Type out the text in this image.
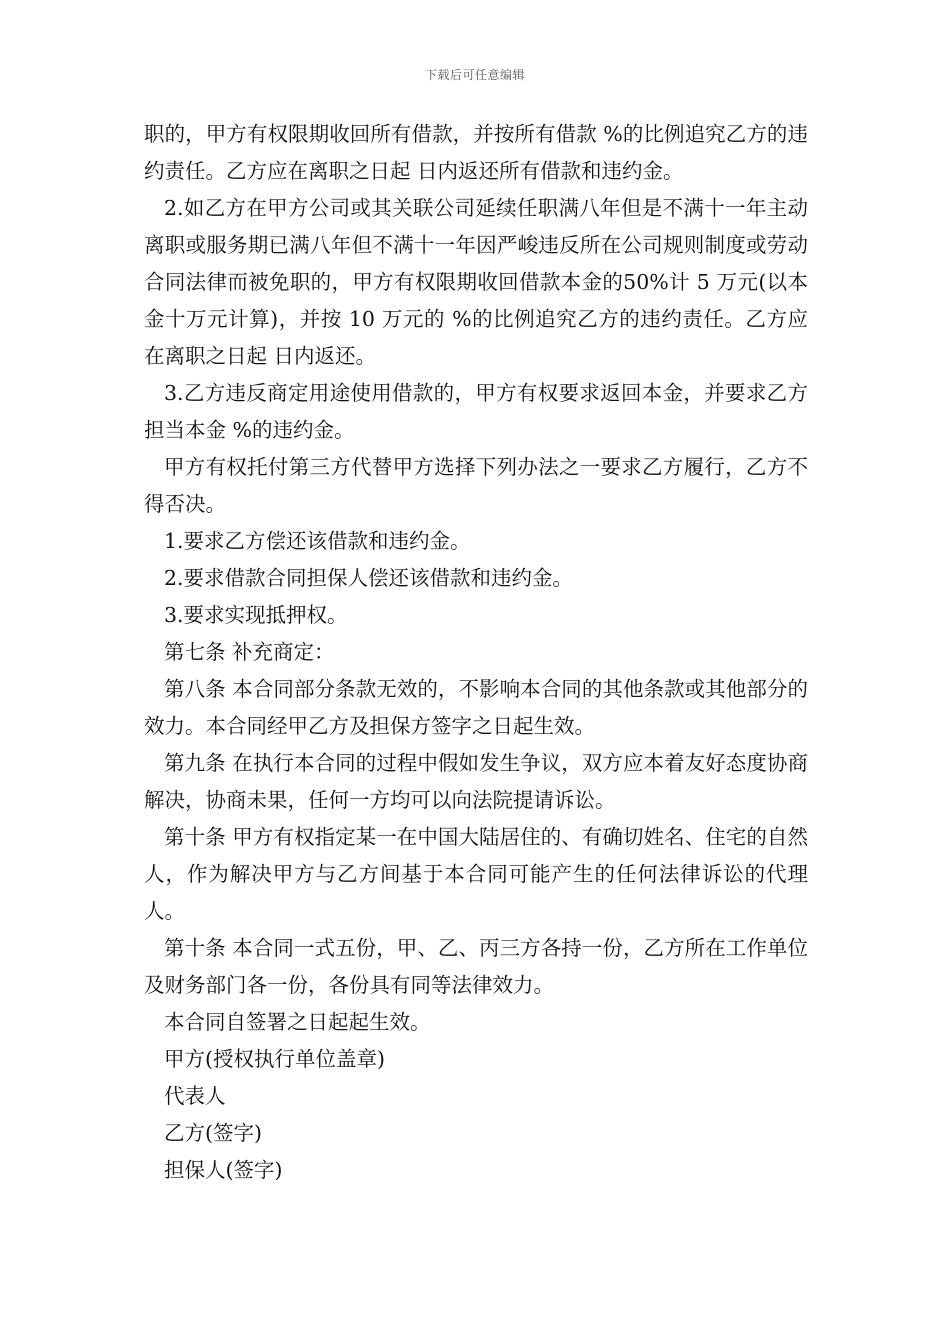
下载后可任意编辑

职的，甲方有权限期收回所有借款，并按所有借款 %的比例追究乙方的违约责任。乙方应在离职之日起 日内返还所有借款和违约金。

2.如乙方在甲方公司或其关联公司延续任职满八年但是不满十一年主动离职或服务期已满八年但不满十一年因严峻违反所在公司规则制度或劳动合同法律而被免职的，甲方有权限期收回借款本金的50%计 5 万元(以本金十万元计算)，并按 10 万元的 %的比例追究乙方的违约责任。乙方应在离职之日起 日内返还。

3.乙方违反商定用途使用借款的，甲方有权要求返回本金，并要求乙方担当本金 %的违约金。

甲方有权托付第三方代替甲方选择下列办法之一要求乙方履行，乙方不得否决。

1.要求乙方偿还该借款和违约金。

2.要求借款合同担保人偿还该借款和违约金。

3.要求实现抵押权。

第七条 补充商定：

第八条 本合同部分条款无效的，不影响本合同的其他条款或其他部分的效力。本合同经甲乙方及担保方签字之日起生效。

第九条 在执行本合同的过程中假如发生争议，双方应本着友好态度协商解决，协商未果，任何一方均可以向法院提请诉讼。

第十条 甲方有权指定某一在中国大陆居住的、有确切姓名、住宅的自然人，作为解决甲方与乙方间基于本合同可能产生的任何法律诉讼的代理人。

第十条 本合同一式五份，甲、乙、丙三方各持一份，乙方所在工作单位及财务部门各一份，各份具有同等法律效力。

本合同自签署之日起起生效。

甲方(授权执行单位盖章)

代表人

乙方(签字)

担保人(签字)
